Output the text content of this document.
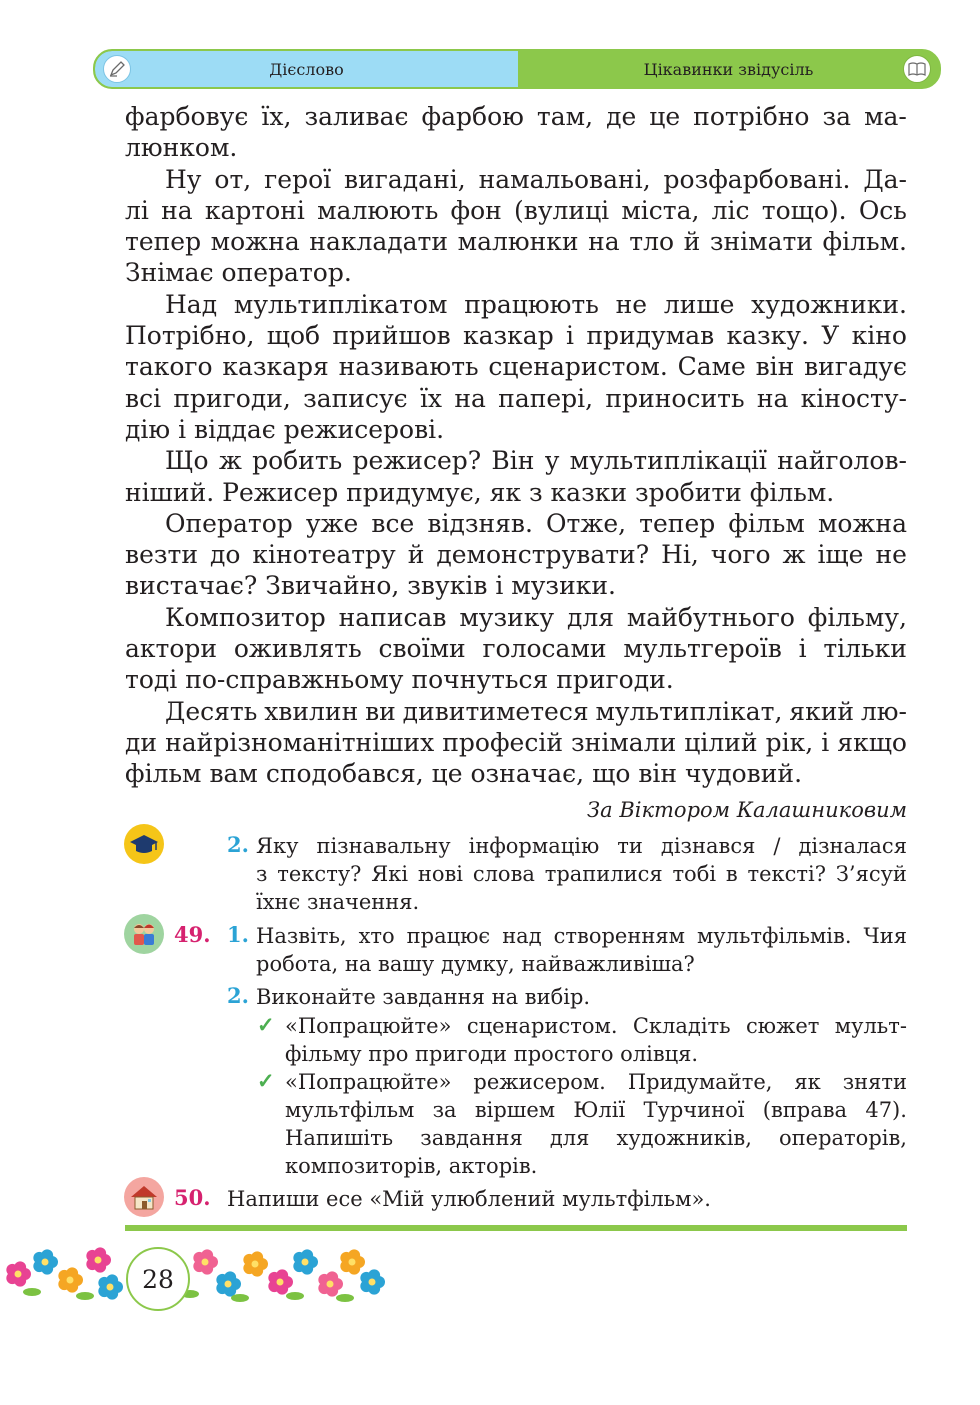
Дієслово	Цікавинки звідусіль
фарбовує їх, заливає фарбою там, де це потрібно за ма-
люнком.
Ну от, герої вигадані, намальовані, розфарбовані. Да-
лі на картоні малюють фон (вулиці міста, ліс тощо). Ось
тепер можна накладати малюнки на тло й знімати фільм.
Знімає оператор.
Над мультиплікатом працюють не лише художники.
Потрібно, щоб прийшов казкар і придумав казку. У кіно
такого казкаря називають сценаристом. Саме він вигадує
всі пригоди, записує їх на папері, приносить на кіносту-
дію і віддає режисерові.
Що ж робить режисер? Він у мультиплікації найголов-
ніший. Режисер придумує, як з казки зробити фільм.
Оператор уже все відзняв. Отже, тепер фільм можна
везти до кінотеатру й демонструвати? Ні, чого ж іще не
вистачає? Звичайно, звуків і музики.
Композитор написав музику для майбутнього фільму,
актори оживлять своїми голосами мультгероїв і тільки
тоді по-справжньому почнуться пригоди.
Десять хвилин ви дивитиметеся мультиплікат, який лю-
ди найрізноманітніших професій знімали цілий рік, і якщо
фільм вам сподобався, це означає, що він чудовий.
За Віктором Калашниковим
2. Яку пізнавальну інформацію ти дізнався / дізналася
з тексту? Які нові слова трапилися тобі в тексті? З’ясуй
їхнє значення.
49. 1. Назвіть, хто працює над створенням мультфільмів. Чия
робота, на вашу думку, найважливіша?
2. Виконайте завдання на вибір.
✓ «Попрацюйте» сценаристом. Складіть сюжет мульт-
фільму про пригоди простого олівця.
✓ «Попрацюйте» режисером. Придумайте, як зняти
мультфільм за віршем Юлії Турчиної (вправа 47).
Напишіть завдання для художників, операторів,
композиторів, акторів.
50. Напиши есе «Мій улюблений мультфільм».
28
